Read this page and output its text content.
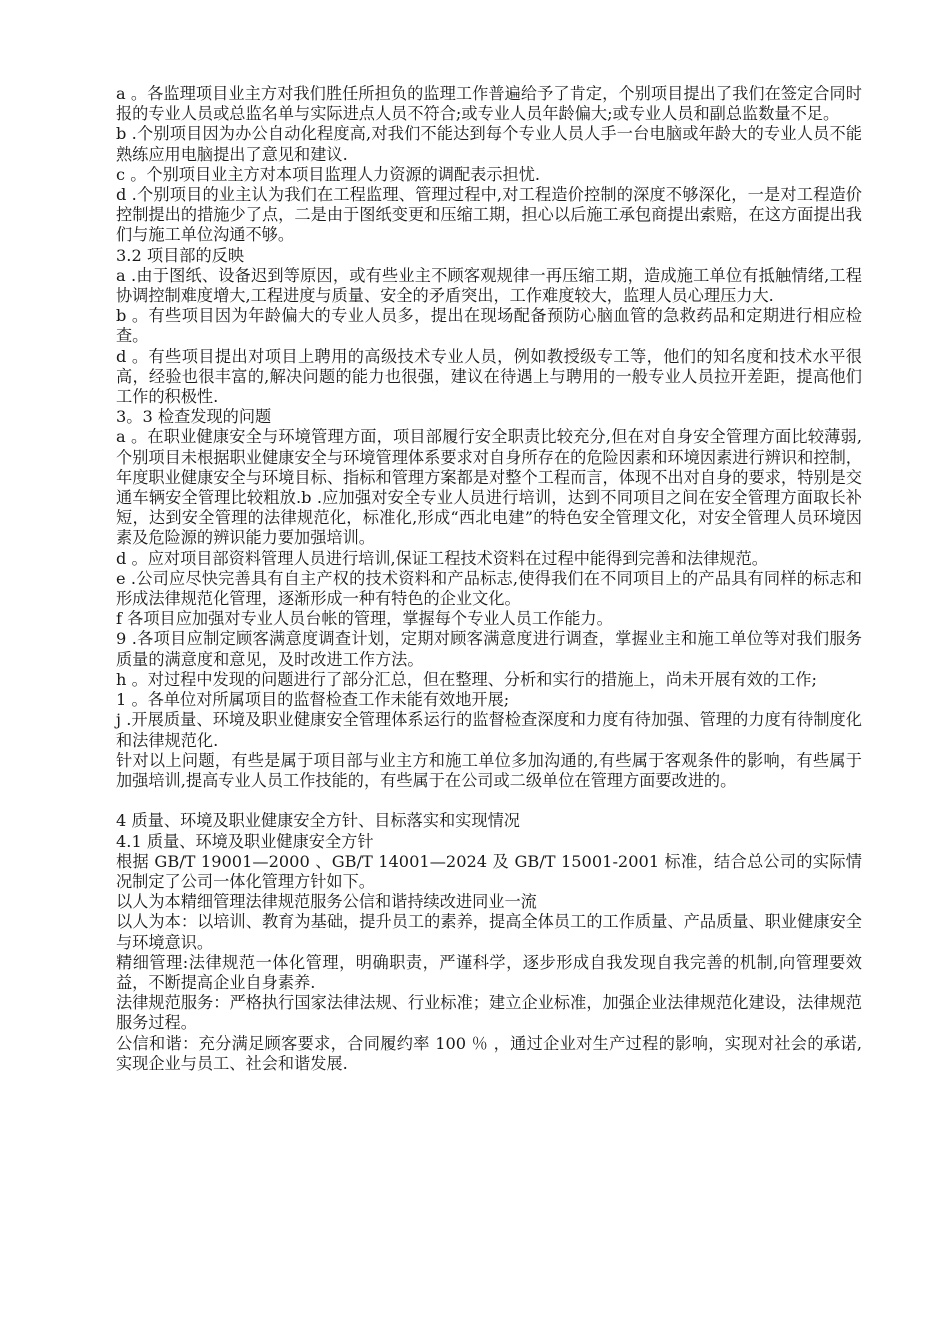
a 。各监理项目业主方对我们胜任所担负的监理工作普遍给予了肯定，个别项目提出了我们在签定合同时报的专业人员或总监名单与实际进点人员不符合;或专业人员年龄偏大;或专业人员和副总监数量不足。

b .个别项目因为办公自动化程度高,对我们不能达到每个专业人员人手一台电脑或年龄大的专业人员不能熟练应用电脑提出了意见和建议.

c 。个别项目业主方对本项目监理人力资源的调配表示担忧.

d .个别项目的业主认为我们在工程监理、管理过程中,对工程造价控制的深度不够深化，一是对工程造价控制提出的措施少了点，二是由于图纸变更和压缩工期，担心以后施工承包商提出索赔，在这方面提出我们与施工单位沟通不够。

3.2 项目部的反映

a .由于图纸、设备迟到等原因，或有些业主不顾客观规律一再压缩工期，造成施工单位有抵触情绪,工程协调控制难度增大,工程进度与质量、安全的矛盾突出，工作难度较大，监理人员心理压力大.

b 。有些项目因为年龄偏大的专业人员多，提出在现场配备预防心脑血管的急救药品和定期进行相应检查。

d 。有些项目提出对项目上聘用的高级技术专业人员，例如教授级专工等，他们的知名度和技术水平很高，经验也很丰富的,解决问题的能力也很强，建议在待遇上与聘用的一般专业人员拉开差距，提高他们工作的积极性.

3。3 检查发现的问题

a 。在职业健康安全与环境管理方面，项目部履行安全职责比较充分,但在对自身安全管理方面比较薄弱,个别项目未根据职业健康安全与环境管理体系要求对自身所存在的危险因素和环境因素进行辨识和控制，年度职业健康安全与环境目标、指标和管理方案都是对整个工程而言，体现不出对自身的要求，特别是交通车辆安全管理比较粗放.b .应加强对安全专业人员进行培训，达到不同项目之间在安全管理方面取长补短，达到安全管理的法律规范化，标准化,形成“西北电建”的特色安全管理文化，对安全管理人员环境因素及危险源的辨识能力要加强培训。

d 。应对项目部资料管理人员进行培训,保证工程技术资料在过程中能得到完善和法律规范。

e .公司应尽快完善具有自主产权的技术资料和产品标志,使得我们在不同项目上的产品具有同样的标志和形成法律规范化管理，逐渐形成一种有特色的企业文化。

f 各项目应加强对专业人员台帐的管理，掌握每个专业人员工作能力。

9 .各项目应制定顾客满意度调查计划，定期对顾客满意度进行调查，掌握业主和施工单位等对我们服务质量的满意度和意见，及时改进工作方法。

h 。对过程中发现的问题进行了部分汇总，但在整理、分析和实行的措施上，尚未开展有效的工作;

1 。各单位对所属项目的监督检查工作未能有效地开展;

j .开展质量、环境及职业健康安全管理体系运行的监督检查深度和力度有待加强、管理的力度有待制度化和法律规范化.

针对以上问题，有些是属于项目部与业主方和施工单位多加沟通的,有些属于客观条件的影响，有些属于加强培训,提高专业人员工作技能的，有些属于在公司或二级单位在管理方面要改进的。

4 质量、环境及职业健康安全方针、目标落实和实现情况

4.1 质量、环境及职业健康安全方针

根据 GB/T 19001—2000 、GB/T 14001—2024 及 GB/T 15001-2001 标准，结合总公司的实际情况制定了公司一体化管理方针如下。

以人为本精细管理法律规范服务公信和谐持续改进同业一流

以人为本：以培训、教育为基础，提升员工的素养，提高全体员工的工作质量、产品质量、职业健康安全与环境意识。

精细管理:法律规范一体化管理，明确职责，严谨科学，逐步形成自我发现自我完善的机制,向管理要效益，不断提高企业自身素养.

法律规范服务：严格执行国家法律法规、行业标准；建立企业标准，加强企业法律规范化建设，法律规范服务过程。

公信和谐：充分满足顾客要求，合同履约率 100 ％ ，通过企业对生产过程的影响，实现对社会的承诺,实现企业与员工、社会和谐发展.
